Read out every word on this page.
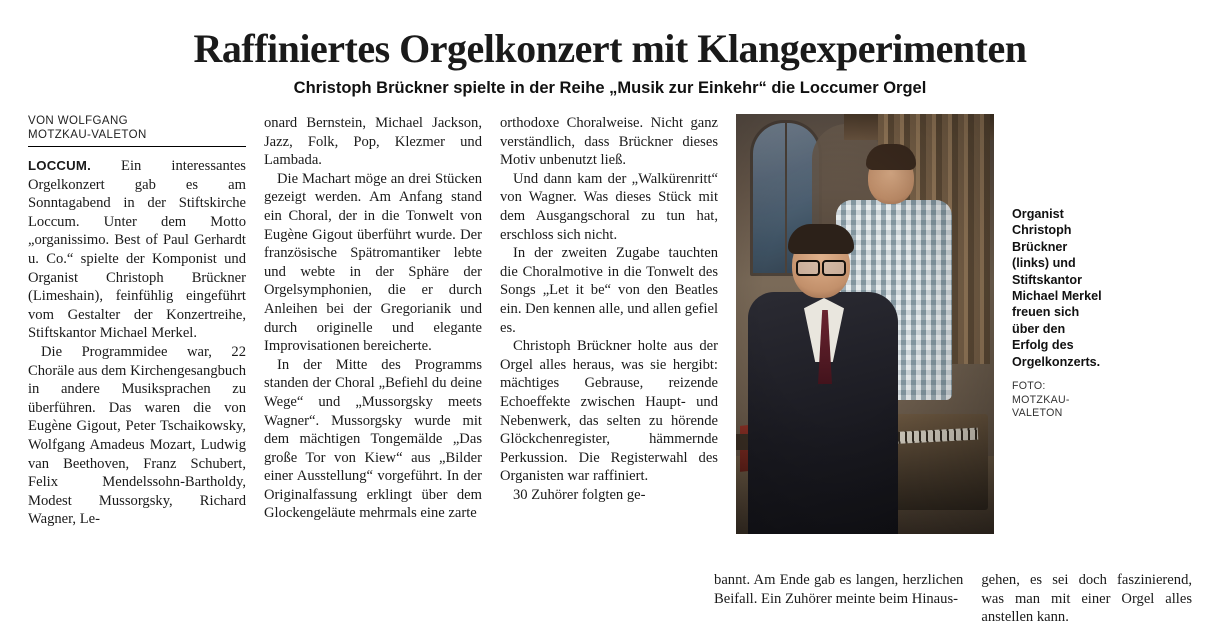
Raffiniertes Orgelkonzert mit Klangexperimenten
Christoph Brückner spielte in der Reihe „Musik zur Einkehr“ die Loccumer Orgel
VON WOLFGANG
MOTZKAU-VALETON

LOCCUM. Ein interessantes Orgelkonzert gab es am Sonntagabend in der Stiftskirche Loccum. Unter dem Motto „organissimo. Best of Paul Gerhardt u. Co.“ spielte der Komponist und Organist Christoph Brückner (Limeshain), feinfühlig eingeführt vom Gestalter der Konzertreihe, Stiftskantor Michael Merkel.

Die Programmidee war, 22 Choräle aus dem Kirchengesangbuch in andere Musiksprachen zu überführen. Das waren die von Eugène Gigout, Peter Tschaikowsky, Wolfgang Amadeus Mozart, Ludwig van Beethoven, Franz Schubert, Felix Mendelssohn-Bartholdy, Modest Mussorgsky, Richard Wagner, Le-

onard Bernstein, Michael Jackson, Jazz, Folk, Pop, Klezmer und Lambada.

Die Machart möge an drei Stücken gezeigt werden. Am Anfang stand ein Choral, der in die Tonwelt von Eugène Gigout überführt wurde. Der französische Spätromantiker lebte und webte in der Sphäre der Orgelsymphonien, die er durch Anleihen bei der Gregorianik und durch originelle und elegante Improvisationen bereicherte.

In der Mitte des Programms standen der Choral „Befiehl du deine Wege“ und „Mussorgsky meets Wagner“. Mussorgsky wurde mit dem mächtigen Tongemälde „Das große Tor von Kiew“ aus „Bilder einer Ausstellung“ vorgeführt. In der Originalfassung erklingt über dem Glockengeläute mehrmals eine zarte

orthodoxe Choralweise. Nicht ganz verständlich, dass Brückner dieses Motiv unbenutzt ließ.

Und dann kam der „Walkürenritt“ von Wagner. Was dieses Stück mit dem Ausgangschoral zu tun hat, erschloss sich nicht.

In der zweiten Zugabe tauchten die Choralmotive in die Tonwelt des Songs „Let it be“ von den Beatles ein. Den kennen alle, und allen gefiel es.

Christoph Brückner holte aus der Orgel alles heraus, was sie hergibt: mächtiges Gebrause, reizende Echoeffekte zwischen Haupt- und Nebenwerk, das selten zu hörende Glöckchenregister, hämmernde Perkussion. Die Registerwahl des Organisten war raffiniert.

30 Zuhörer folgten ge-

Organist Christoph Brückner (links) und Stiftskantor Michael Merkel freuen sich über den Erfolg des Orgelkonzerts.
FOTO: MOTZKAU-VALETON

bannt. Am Ende gab es langen, herzlichen Beifall. Ein Zuhörer meinte beim Hinaus-

gehen, es sei doch faszinierend, was man mit einer Orgel alles anstellen kann.
